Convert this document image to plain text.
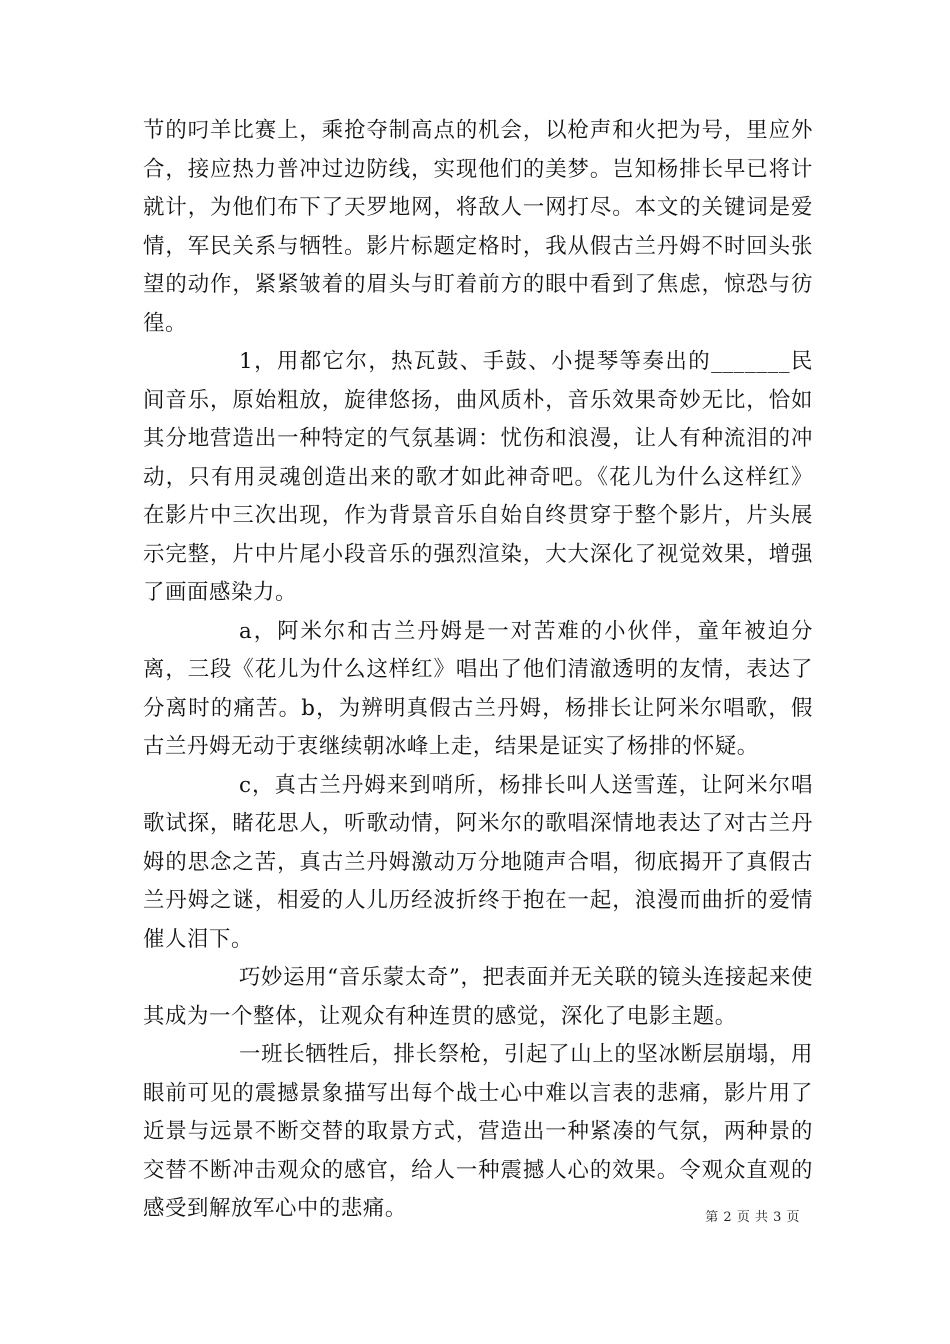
节的叼羊比赛上，乘抢夺制高点的机会，以枪声和火把为号，里应外合，接应热力普冲过边防线，实现他们的美梦。岂知杨排长早已将计就计，为他们布下了天罗地网，将敌人一网打尽。本文的关键词是爱情，军民关系与牺牲。影片标题定格时，我从假古兰丹姆不时回头张望的动作，紧紧皱着的眉头与盯着前方的眼中看到了焦虑，惊恐与彷徨。

1，用都它尔，热瓦鼓、手鼓、小提琴等奏出的_______民间音乐，原始粗放，旋律悠扬，曲风质朴，音乐效果奇妙无比，恰如其分地营造出一种特定的气氛基调：忧伤和浪漫，让人有种流泪的冲动，只有用灵魂创造出来的歌才如此神奇吧。《花儿为什么这样红》在影片中三次出现，作为背景音乐自始自终贯穿于整个影片，片头展示完整，片中片尾小段音乐的强烈渲染，大大深化了视觉效果，增强了画面感染力。

a，阿米尔和古兰丹姆是一对苦难的小伙伴，童年被迫分离，三段《花儿为什么这样红》唱出了他们清澈透明的友情，表达了分离时的痛苦。b，为辨明真假古兰丹姆，杨排长让阿米尔唱歌，假古兰丹姆无动于衷继续朝冰峰上走，结果是证实了杨排的怀疑。

c，真古兰丹姆来到哨所，杨排长叫人送雪莲，让阿米尔唱歌试探，睹花思人，听歌动情，阿米尔的歌唱深情地表达了对古兰丹姆的思念之苦，真古兰丹姆激动万分地随声合唱，彻底揭开了真假古兰丹姆之谜，相爱的人儿历经波折终于抱在一起，浪漫而曲折的爱情催人泪下。

巧妙运用“音乐蒙太奇”，把表面并无关联的镜头连接起来使其成为一个整体，让观众有种连贯的感觉，深化了电影主题。

一班长牺牲后，排长祭枪，引起了山上的坚冰断层崩塌，用眼前可见的震撼景象描写出每个战士心中难以言表的悲痛，影片用了近景与远景不断交替的取景方式，营造出一种紧凑的气氛，两种景的交替不断冲击观众的感官，给人一种震撼人心的效果。令观众直观的感受到解放军心中的悲痛。	第 2 页 共 3 页
